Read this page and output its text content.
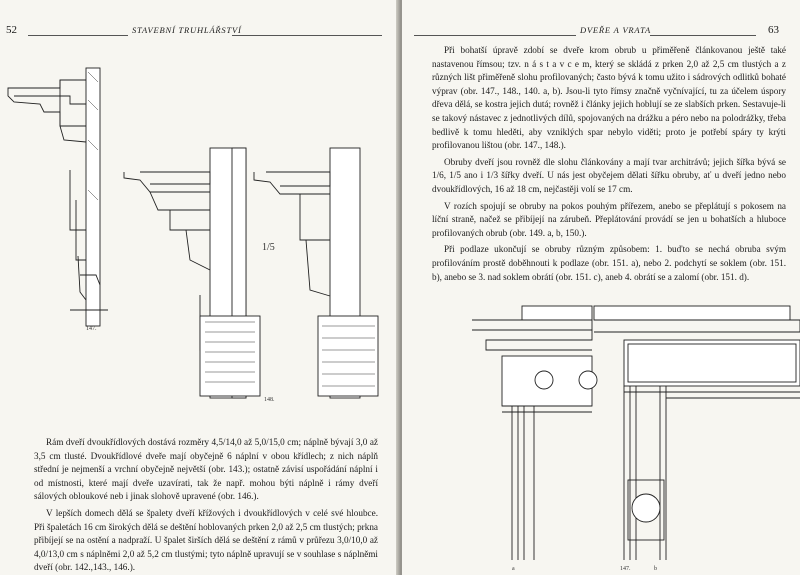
52	STAVEBNÍ TRUHLÁŘSTVÍ
147.
148.
1/5

Rám dveří dvoukřídlových dostává rozměry 4,5/14,0 až 5,0/15,0 cm; náplně bývají 3,0 až 3,5 cm tlusté. Dvoukřídlové dveře mají obyčejně 6 náplní v obou křídlech; z nich náplň střední je nejmenší a vrchní obyčejně největší (obr. 143.); ostatně závisí uspořádání náplní i od místnosti, které mají dveře uzavírati, tak že např. mohou býti náplně i rámy dveří sálových obloukové neb i jinak slohově upravené (obr. 146.).

V lepších domech dělá se špalety dveří křížových i dvoukřídlových v celé své hloubce. Při špaletách 16 cm širokých dělá se deštění hoblovaných prken 2,0 až 2,5 cm tlustých; prkna přibíjejí se na ostění a nadpraží. U špalet širších dělá se deštění z rámů v průřezu 3,0/10,0 až 4,0/13,0 cm s náplněmi 2,0 až 5,2 cm tlustými; tyto náplně upravují se v souhlase s náplněmi dveří (obr. 142.,143., 146.).

DVEŘE A VRATA	63

Při bohatší úpravě zdobí se dveře krom obrub u přiměřeně článkovanou ještě také nastavenou římsou; tzv. n á s t a v c e m, který se skládá z prken 2,0 až 2,5 cm tlustých a z různých lišt přiměřeně slohu profilovaných; často bývá k tomu užito i sádrových odlitků bohaté výprav (obr. 147., 148., 140. a, b). Jsou-li tyto římsy značně vyčnívající, tu za účelem úspory dřeva dělá, se kostra jejich dutá; rovněž i články jejich hoblují se ze slabších prken. Sestavuje-li se takový nástavec z jednotlivých dílů, spojovaných na drážku a péro nebo na polodrážky, třeba bedlivě k tomu hleděti, aby vzniklých spar nebylo viděti; proto je potřebí spáry ty krýti profilovanou lištou (obr. 147., 148.).

Obruby dveří jsou rovněž dle slohu článkovány a mají tvar architrávů; jejich šířka bývá se 1/6, 1/5 ano i 1/3 šířky dveří. U nás jest obyčejem dělati šířku obruby, ať u dveří jedno nebo dvoukřídlových, 16 až 18 cm, nejčastěji volí se 17 cm.

V rozích spojují se obruby na pokos pouhým přířezem, anebo se přeplátují s pokosem na líční straně, načež se přibíjejí na zárubeň. Přeplátování provádí se jen u bohatších a hluboce profilovaných obrub (obr. 149. a, b, 150.).

Při podlaze ukončují se obruby různým způsobem: 1. buďto se nechá obruba svým profilováním prostě doběhnouti k podlaze (obr. 151. a), nebo 2. podchytí se soklem (obr. 151. b), anebo se 3. nad soklem obrátí (obr. 151. c), aneb 4. obrátí se a zalomí (obr. 151. d).

a	147.	b
